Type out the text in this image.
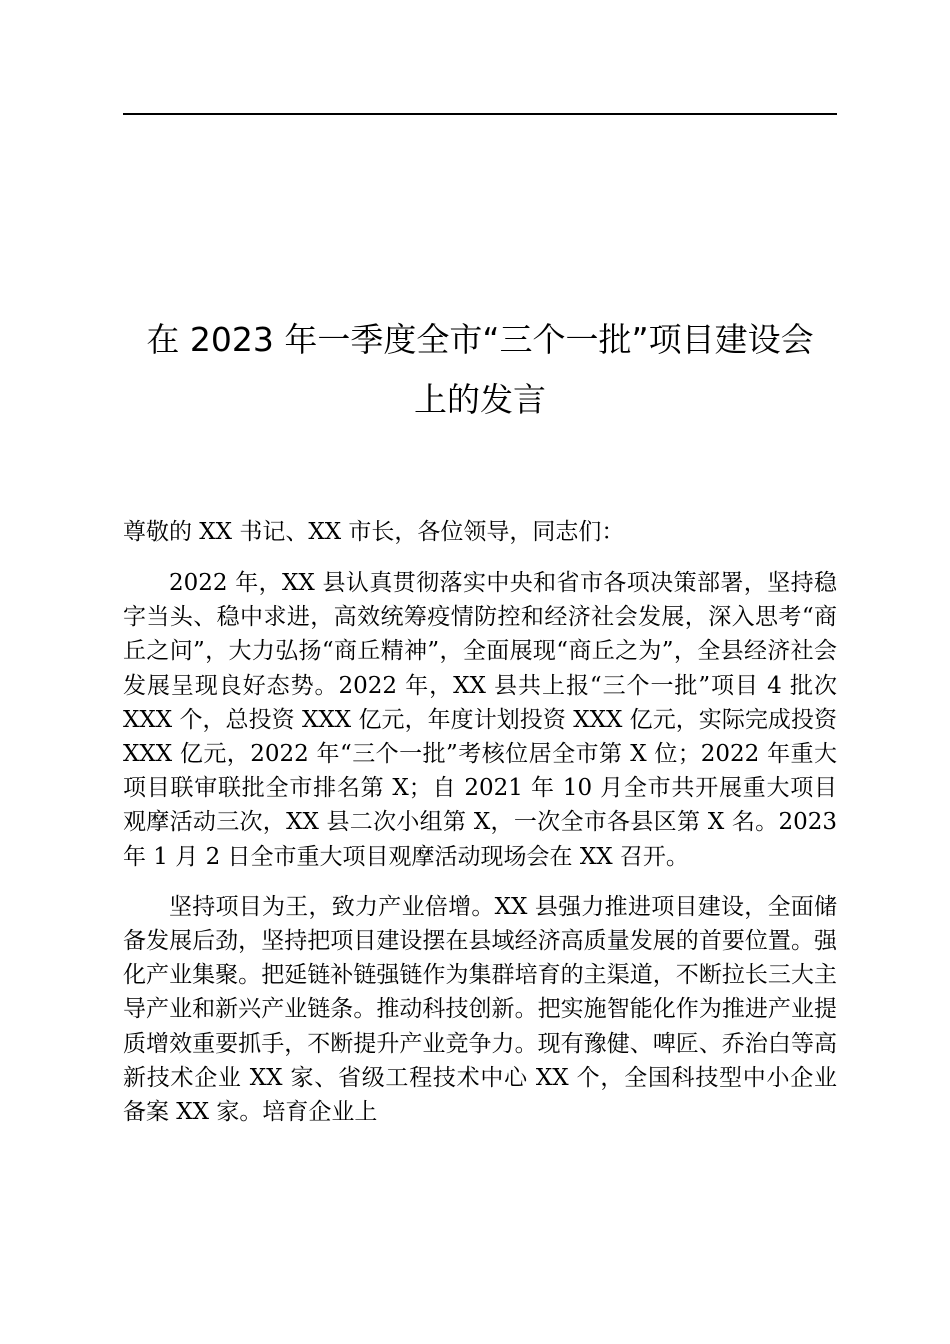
在 2023 年一季度全市“三个一批”项目建设会
上的发言

尊敬的 XX 书记、XX 市长，各位领导，同志们：

2022 年，XX 县认真贯彻落实中央和省市各项决策部署，坚持稳字当头、稳中求进，高效统筹疫情防控和经济社会发展，深入思考“商丘之问”，大力弘扬“商丘精神”，全面展现“商丘之为”，全县经济社会发展呈现良好态势。2022 年，XX 县共上报“三个一批”项目 4 批次 XXX 个，总投资 XXX 亿元，年度计划投资 XXX 亿元，实际完成投资 XXX 亿元，2022 年“三个一批”考核位居全市第 X 位；2022 年重大项目联审联批全市排名第 X；自 2021 年 10 月全市共开展重大项目观摩活动三次，XX 县二次小组第 X，一次全市各县区第 X 名。2023 年 1 月 2 日全市重大项目观摩活动现场会在 XX 召开。

坚持项目为王，致力产业倍增。XX 县强力推进项目建设，全面储备发展后劲，坚持把项目建设摆在县域经济高质量发展的首要位置。强化产业集聚。把延链补链强链作为集群培育的主渠道，不断拉长三大主导产业和新兴产业链条。推动科技创新。把实施智能化作为推进产业提质增效重要抓手，不断提升产业竞争力。现有豫健、啤匠、乔治白等高新技术企业 XX 家、省级工程技术中心 XX 个，全国科技型中小企业备案 XX 家。培育企业上
